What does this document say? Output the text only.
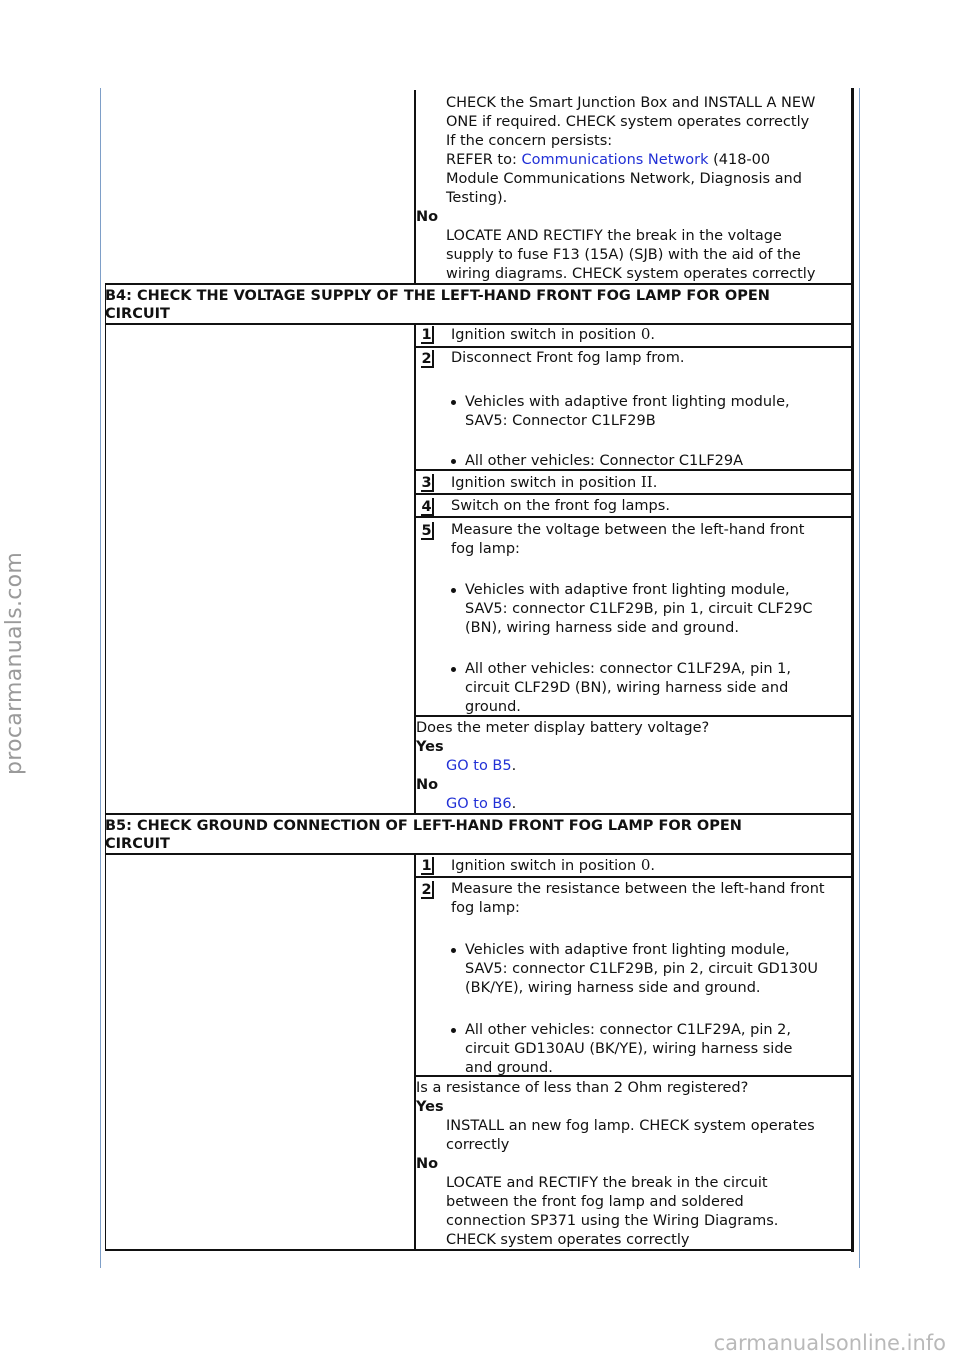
procarmanuals.com
carmanualsonline.info
CHECK the Smart Junction Box and INSTALL A NEW
ONE if required. CHECK system operates correctly
If the concern persists:
REFER to: Communications Network (418-00
Module Communications Network, Diagnosis and
Testing).
No
LOCATE AND RECTIFY the break in the voltage
supply to fuse F13 (15A) (SJB) with the aid of the
wiring diagrams. CHECK system operates correctly
B4: CHECK THE VOLTAGE SUPPLY OF THE LEFT-HAND FRONT FOG LAMP FOR OPEN
CIRCUIT
1 Ignition switch in position 0.
2 Disconnect Front fog lamp from.
Vehicles with adaptive front lighting module,
SAV5: Connector C1LF29B
All other vehicles: Connector C1LF29A
3 Ignition switch in position II.
4 Switch on the front fog lamps.
5 Measure the voltage between the left-hand front
fog lamp:
Vehicles with adaptive front lighting module,
SAV5: connector C1LF29B, pin 1, circuit CLF29C
(BN), wiring harness side and ground.
All other vehicles: connector C1LF29A, pin 1,
circuit CLF29D (BN), wiring harness side and
ground.
Does the meter display battery voltage?
Yes
GO to B5.
No
GO to B6.
B5: CHECK GROUND CONNECTION OF LEFT-HAND FRONT FOG LAMP FOR OPEN
CIRCUIT
1 Ignition switch in position 0.
2 Measure the resistance between the left-hand front
fog lamp:
Vehicles with adaptive front lighting module,
SAV5: connector C1LF29B, pin 2, circuit GD130U
(BK/YE), wiring harness side and ground.
All other vehicles: connector C1LF29A, pin 2,
circuit GD130AU (BK/YE), wiring harness side
and ground.
Is a resistance of less than 2 Ohm registered?
Yes
INSTALL an new fog lamp. CHECK system operates
correctly
No
LOCATE and RECTIFY the break in the circuit
between the front fog lamp and soldered
connection SP371 using the Wiring Diagrams.
CHECK system operates correctly
